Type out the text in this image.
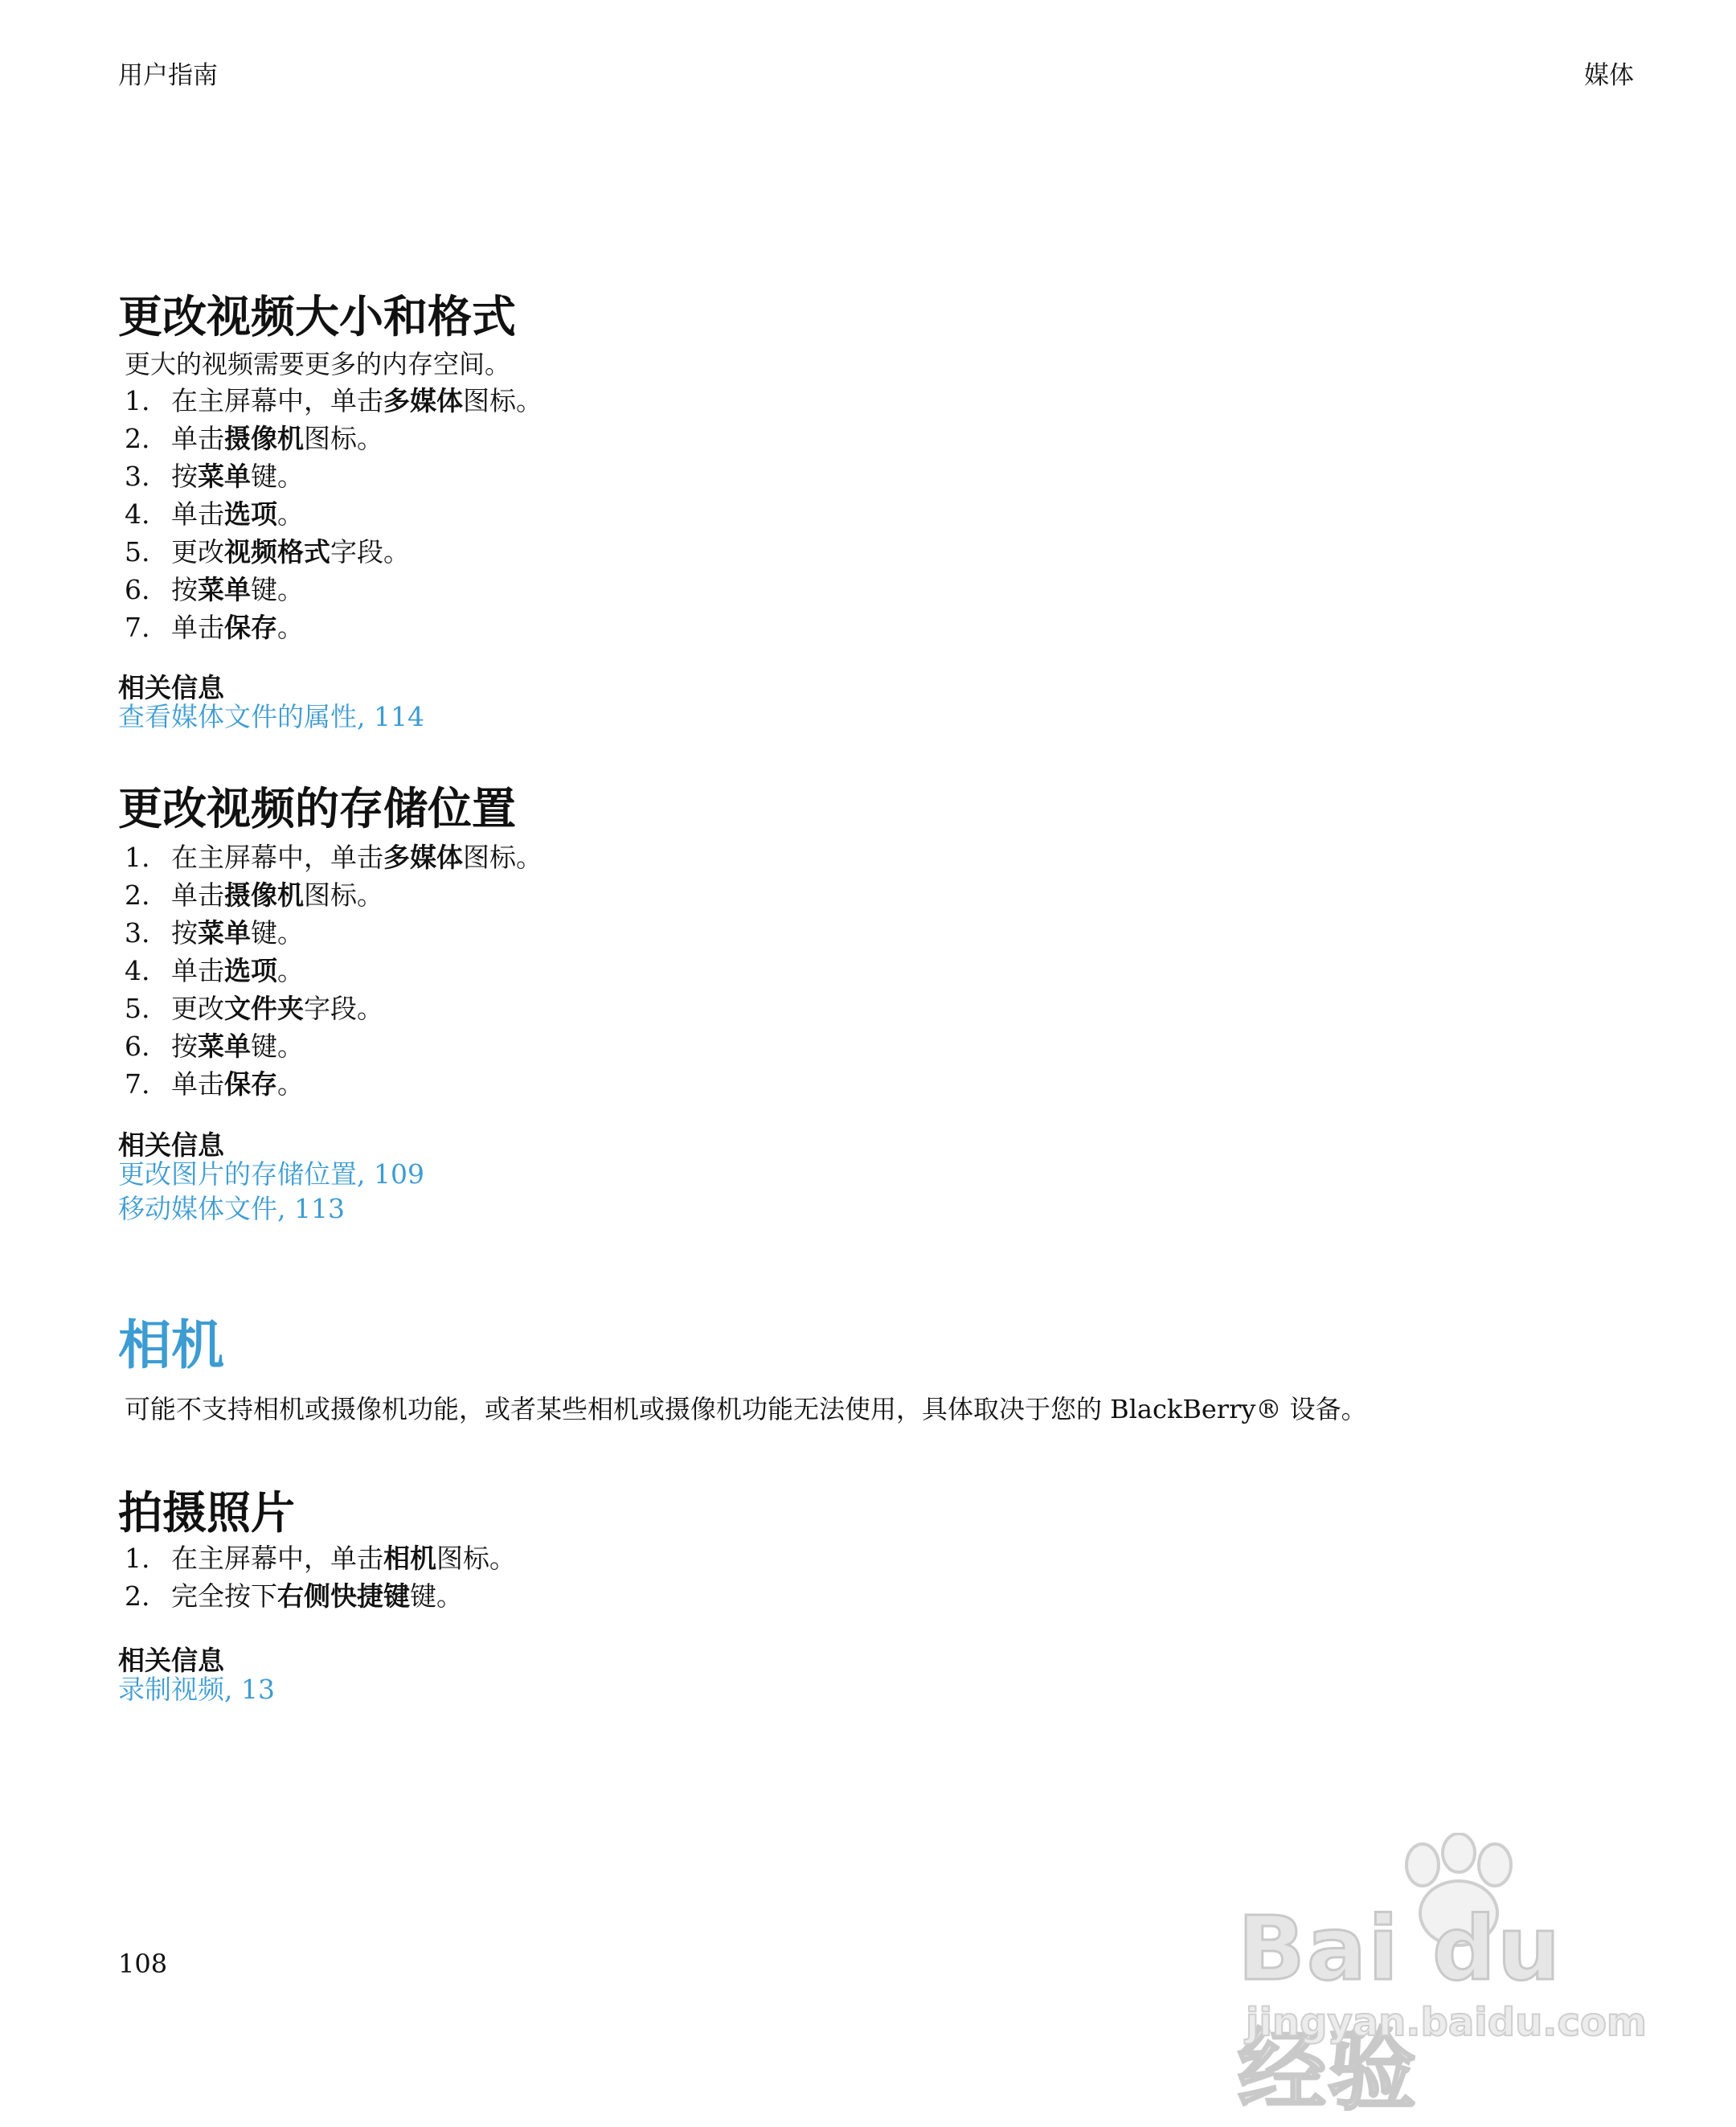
用户指南	媒体
更改视频大小和格式
更大的视频需要更多的内存空间。
1. 在主屏幕中，单击多媒体图标。
2. 单击摄像机图标。
3. 按菜单键。
4. 单击选项。
5. 更改视频格式字段。
6. 按菜单键。
7. 单击保存。
相关信息
查看媒体文件的属性, 114
更改视频的存储位置
1. 在主屏幕中，单击多媒体图标。
2. 单击摄像机图标。
3. 按菜单键。
4. 单击选项。
5. 更改文件夹字段。
6. 按菜单键。
7. 单击保存。
相关信息
更改图片的存储位置, 109
移动媒体文件, 113
相机
可能不支持相机或摄像机功能，或者某些相机或摄像机功能无法使用，具体取决于您的 BlackBerry® 设备。
拍摄照片
1. 在主屏幕中，单击相机图标。
2. 完全按下右侧快捷键键。
相关信息
录制视频, 13
108	Bai du 经验
jingyan.baidu.com
